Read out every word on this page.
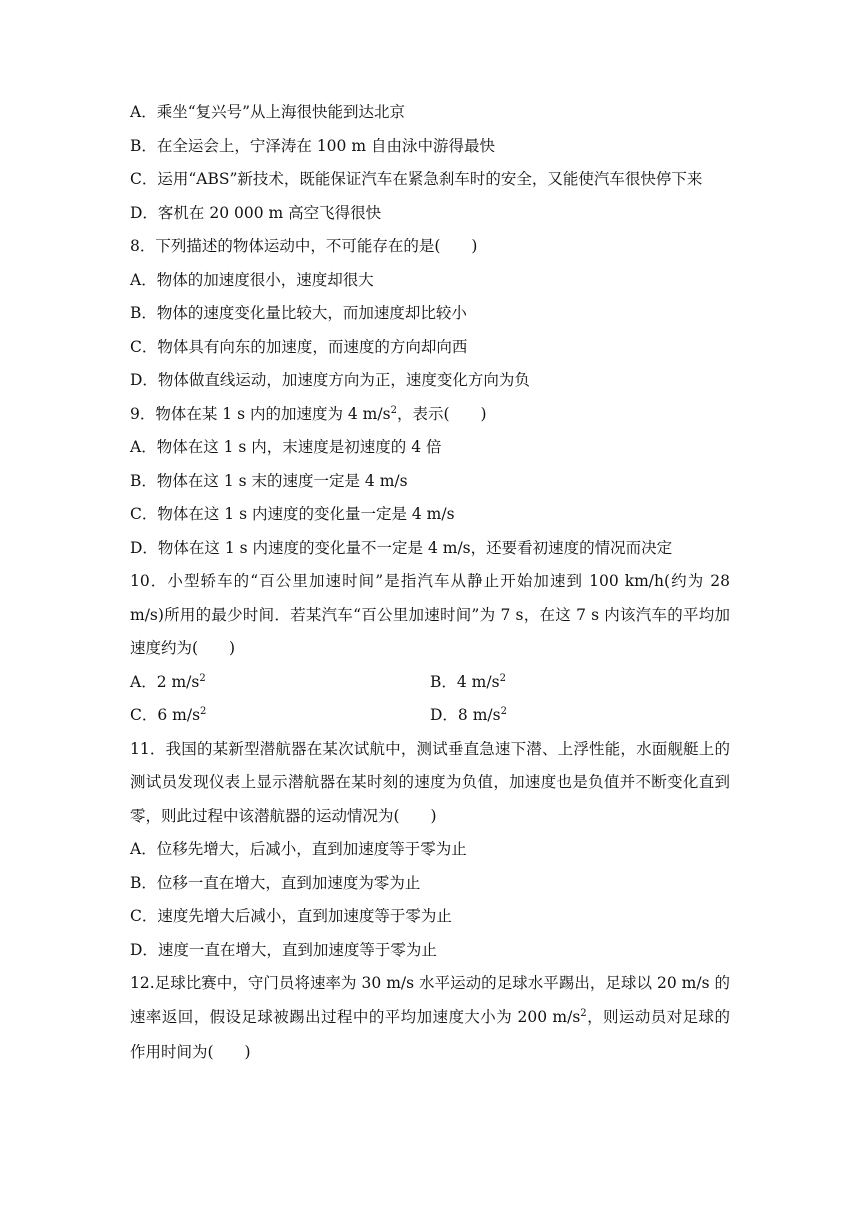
A．乘坐“复兴号”从上海很快能到达北京
B．在全运会上，宁泽涛在 100 m 自由泳中游得最快
C．运用“ABS”新技术，既能保证汽车在紧急刹车时的安全，又能使汽车很快停下来
D．客机在 20 000 m 高空飞得很快
8．下列描述的物体运动中，不可能存在的是(　　)
A．物体的加速度很小，速度却很大
B．物体的速度变化量比较大，而加速度却比较小
C．物体具有向东的加速度，而速度的方向却向西
D．物体做直线运动，加速度方向为正，速度变化方向为负
9．物体在某 1 s 内的加速度为 4 $m/s^2$，表示(　　)
A．物体在这 1 s 内，末速度是初速度的 4 倍
B．物体在这 1 s 末的速度一定是 4 m/s
C．物体在这 1 s 内速度的变化量一定是 4 m/s
D．物体在这 1 s 内速度的变化量不一定是 4 m/s，还要看初速度的情况而决定
10．小型轿车的“百公里加速时间”是指汽车从静止开始加速到 100 km/h(约为 28 m/s)所用的最少时间．若某汽车“百公里加速时间”为 7 s，在这 7 s 内该汽车的平均加速度约为(　　)
A．2 $m/s^2$	B．4 $m/s^2$
C．6 $m/s^2$	D．8 $m/s^2$
11．我国的某新型潜航器在某次试航中，测试垂直急速下潜、上浮性能，水面舰艇上的测试员发现仪表上显示潜航器在某时刻的速度为负值，加速度也是负值并不断变化直到零，则此过程中该潜航器的运动情况为(　　)
A．位移先增大，后减小，直到加速度等于零为止
B．位移一直在增大，直到加速度为零为止
C．速度先增大后减小，直到加速度等于零为止
D．速度一直在增大，直到加速度等于零为止
12.足球比赛中，守门员将速率为 30 m/s 水平运动的足球水平踢出，足球以 20 m/s 的速率返回，假设足球被踢出过程中的平均加速度大小为 200 $m/s^2$，则运动员对足球的作用时间为(　　)
